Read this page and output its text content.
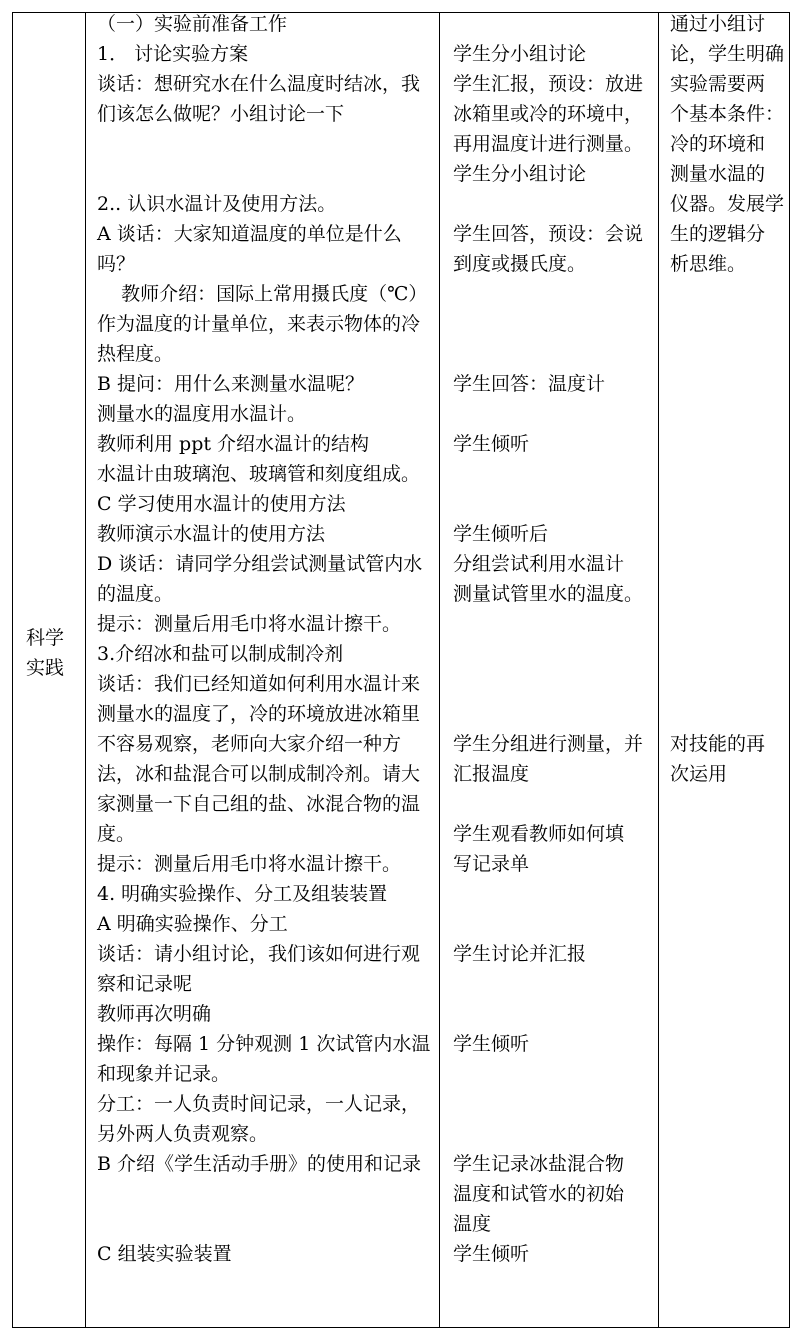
科学
实践
（一）实验前准备工作
1． 讨论实验方案
谈话：想研究水在什么温度时结冰，我
们该怎么做呢？小组讨论一下
2.. 认识水温计及使用方法。
A 谈话：大家知道温度的单位是什么
吗？
教师介绍：国际上常用摄氏度（℃）
作为温度的计量单位，来表示物体的冷
热程度。
B 提问：用什么来测量水温呢？
测量水的温度用水温计。
教师利用 ppt 介绍水温计的结构
水温计由玻璃泡、玻璃管和刻度组成。
C 学习使用水温计的使用方法
教师演示水温计的使用方法
D 谈话：请同学分组尝试测量试管内水
的温度。
提示：测量后用毛巾将水温计擦干。
3.介绍冰和盐可以制成制冷剂
谈话：我们已经知道如何利用水温计来
测量水的温度了，冷的环境放进冰箱里
不容易观察，老师向大家介绍一种方
法，冰和盐混合可以制成制冷剂。请大
家测量一下自己组的盐、冰混合物的温
度。
提示：测量后用毛巾将水温计擦干。
4. 明确实验操作、分工及组装装置
A 明确实验操作、分工
谈话：请小组讨论，我们该如何进行观
察和记录呢
教师再次明确
操作：每隔 1 分钟观测 1 次试管内水温
和现象并记录。
分工：一人负责时间记录，一人记录，
另外两人负责观察。
B 介绍《学生活动手册》的使用和记录
C 组装实验装置
学生分小组讨论
学生汇报，预设：放进
冰箱里或冷的环境中，
再用温度计进行测量。
学生分小组讨论
学生回答，预设：会说
到度或摄氏度。
学生回答：温度计
学生倾听
学生倾听后
分组尝试利用水温计
测量试管里水的温度。
学生分组进行测量，并
汇报温度
学生观看教师如何填
写记录单
学生讨论并汇报
学生倾听
学生记录冰盐混合物
温度和试管水的初始
温度
学生倾听
通过小组讨
论，学生明确
实验需要两
个基本条件：
冷的环境和
测量水温的
仪器。发展学
生的逻辑分
析思维。
对技能的再
次运用
